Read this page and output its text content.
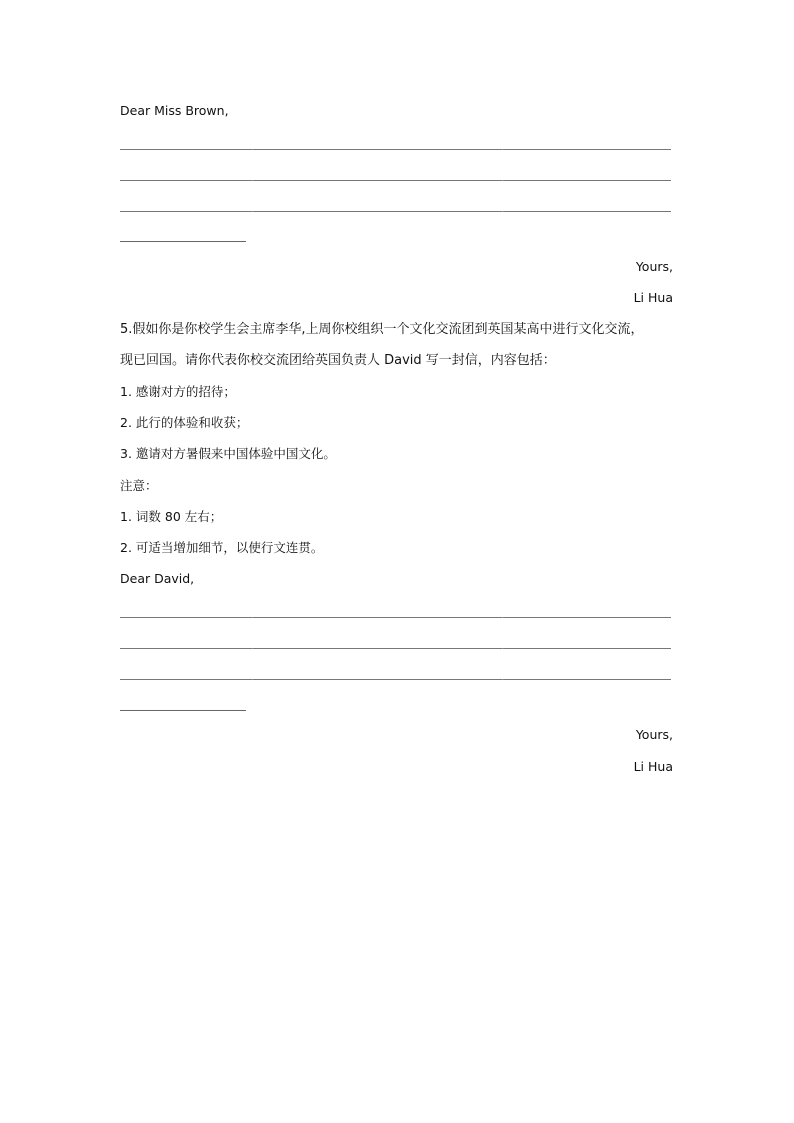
Dear Miss Brown,
Yours,
Li Hua
5.假如你是你校学生会主席李华,上周你校组织一个文化交流团到英国某高中进行文化交流，
现已回国。请你代表你校交流团给英国负责人 David 写一封信，内容包括：
1. 感谢对方的招待；
2. 此行的体验和收获；
3. 邀请对方暑假来中国体验中国文化。
注意：
1. 词数 80 左右；
2. 可适当增加细节，以使行文连贯。
Dear David,
Yours,
Li Hua
